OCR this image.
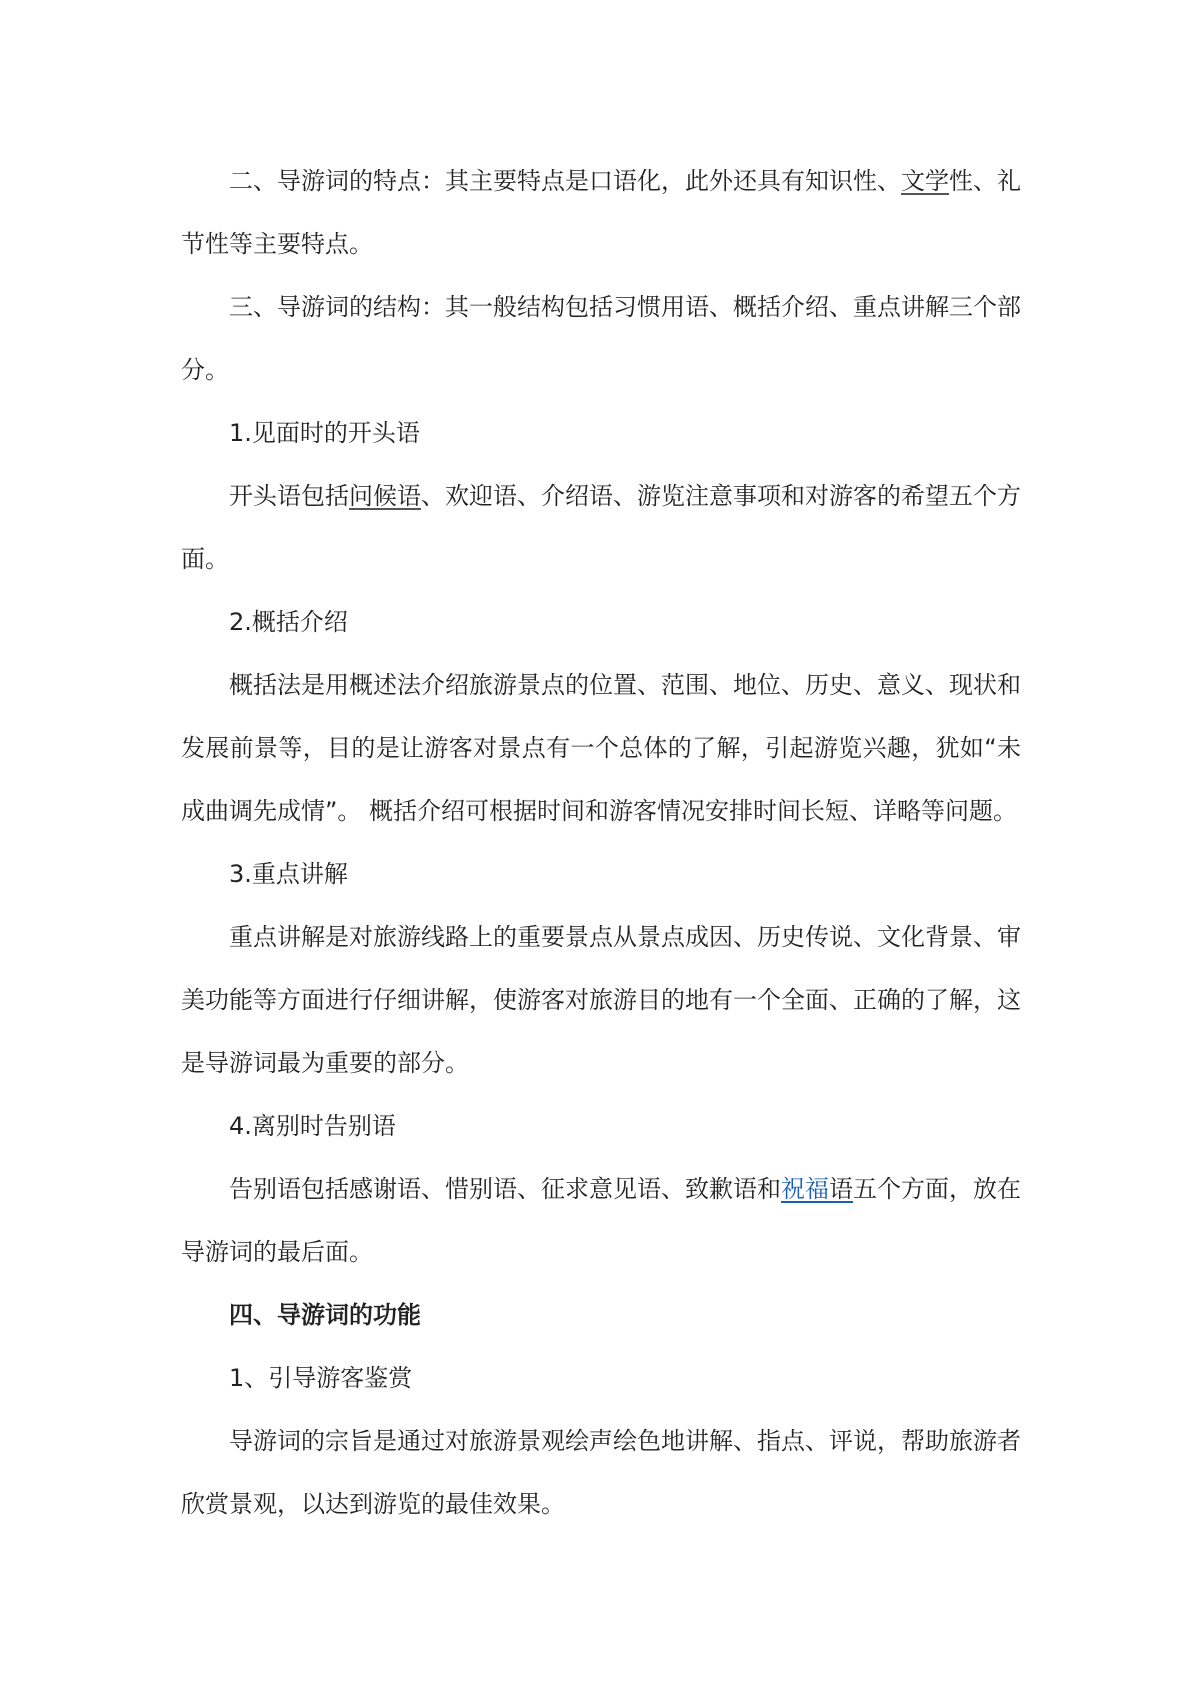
二、导游词的特点：其主要特点是口语化，此外还具有知识性、文学性、礼节性等主要特点。

三、导游词的结构：其一般结构包括习惯用语、概括介绍、重点讲解三个部分。

1.见面时的开头语

开头语包括问候语、欢迎语、介绍语、游览注意事项和对游客的希望五个方面。

2.概括介绍

概括法是用概述法介绍旅游景点的位置、范围、地位、历史、意义、现状和发展前景等，目的是让游客对景点有一个总体的了解，引起游览兴趣，犹如“未成曲调先成情”。 概括介绍可根据时间和游客情况安排时间长短、详略等问题。

3.重点讲解

重点讲解是对旅游线路上的重要景点从景点成因、历史传说、文化背景、审美功能等方面进行仔细讲解，使游客对旅游目的地有一个全面、正确的了解，这是导游词最为重要的部分。

4.离别时告别语

告别语包括感谢语、惜别语、征求意见语、致歉语和祝福语五个方面，放在导游词的最后面。

四、导游词的功能

1、引导游客鉴赏

导游词的宗旨是通过对旅游景观绘声绘色地讲解、指点、评说，帮助旅游者欣赏景观，以达到游览的最佳效果。
